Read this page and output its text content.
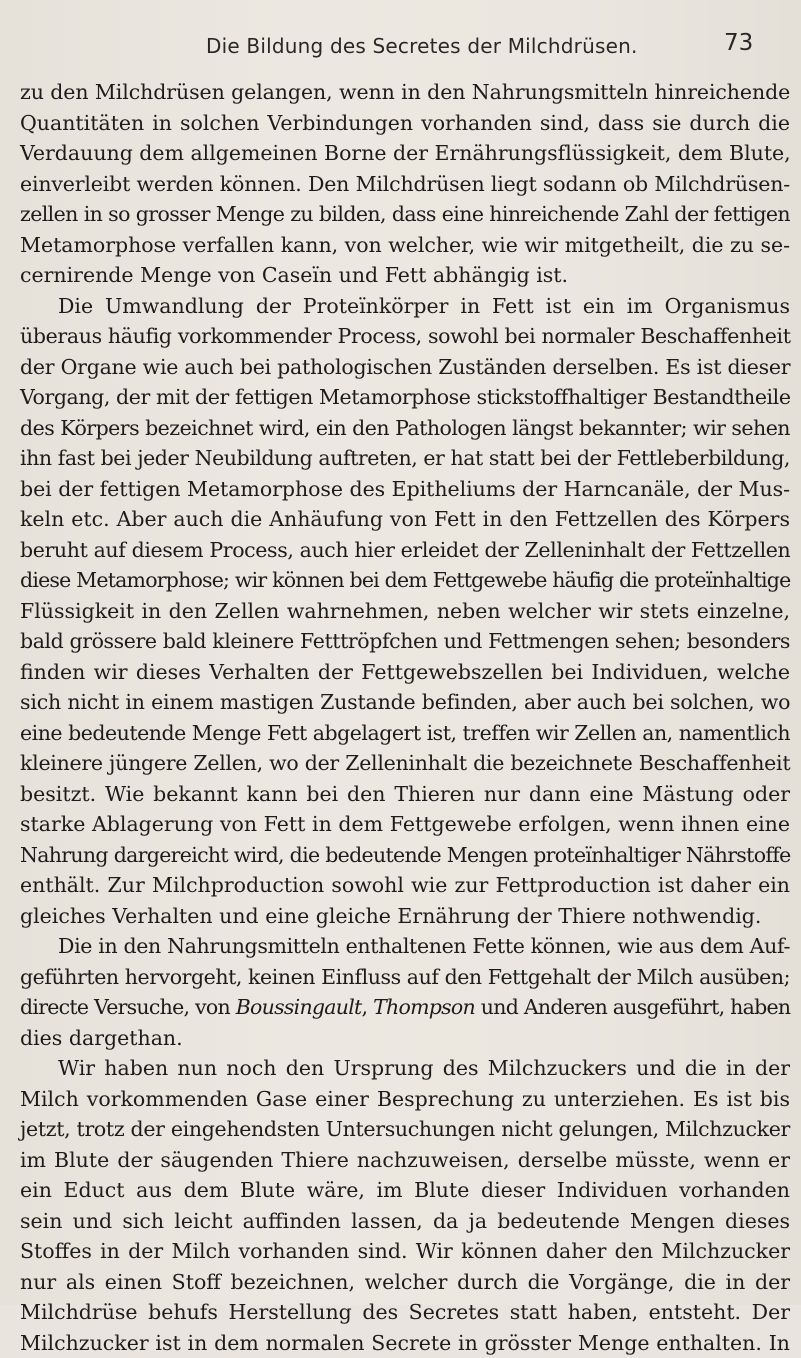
Die Bildung des Secretes der Milchdrüsen.	73
zu den Milchdrüsen gelangen, wenn in den Nahrungsmitteln hinreichende
Quantitäten in solchen Verbindungen vorhanden sind, dass sie durch die
Verdauung dem allgemeinen Borne der Ernährungsflüssigkeit, dem Blute,
einverleibt werden können. Den Milchdrüsen liegt sodann ob Milchdrüsen-
zellen in so grosser Menge zu bilden, dass eine hinreichende Zahl der fettigen
Metamorphose verfallen kann, von welcher, wie wir mitgetheilt, die zu se-
cernirende Menge von Caseïn und Fett abhängig ist.
Die Umwandlung der Proteïnkörper in Fett ist ein im Organismus
überaus häufig vorkommender Process, sowohl bei normaler Beschaffenheit
der Organe wie auch bei pathologischen Zuständen derselben. Es ist dieser
Vorgang, der mit der fettigen Metamorphose stickstoffhaltiger Bestandtheile
des Körpers bezeichnet wird, ein den Pathologen längst bekannter; wir sehen
ihn fast bei jeder Neubildung auftreten, er hat statt bei der Fettleberbildung,
bei der fettigen Metamorphose des Epitheliums der Harncanäle, der Mus-
keln etc. Aber auch die Anhäufung von Fett in den Fettzellen des Körpers
beruht auf diesem Process, auch hier erleidet der Zelleninhalt der Fettzellen
diese Metamorphose; wir können bei dem Fettgewebe häufig die proteïnhaltige
Flüssigkeit in den Zellen wahrnehmen, neben welcher wir stets einzelne,
bald grössere bald kleinere Fetttröpfchen und Fettmengen sehen; besonders
finden wir dieses Verhalten der Fettgewebszellen bei Individuen, welche
sich nicht in einem mastigen Zustande befinden, aber auch bei solchen, wo
eine bedeutende Menge Fett abgelagert ist, treffen wir Zellen an, namentlich
kleinere jüngere Zellen, wo der Zelleninhalt die bezeichnete Beschaffenheit
besitzt. Wie bekannt kann bei den Thieren nur dann eine Mästung oder
starke Ablagerung von Fett in dem Fettgewebe erfolgen, wenn ihnen eine
Nahrung dargereicht wird, die bedeutende Mengen proteïnhaltiger Nährstoffe
enthält. Zur Milchproduction sowohl wie zur Fettproduction ist daher ein
gleiches Verhalten und eine gleiche Ernährung der Thiere nothwendig.
Die in den Nahrungsmitteln enthaltenen Fette können, wie aus dem Auf-
geführten hervorgeht, keinen Einfluss auf den Fettgehalt der Milch ausüben;
directe Versuche, von Boussingault, Thompson und Anderen ausgeführt, haben
dies dargethan.
Wir haben nun noch den Ursprung des Milchzuckers und die in der
Milch vorkommenden Gase einer Besprechung zu unterziehen. Es ist bis
jetzt, trotz der eingehendsten Untersuchungen nicht gelungen, Milchzucker
im Blute der säugenden Thiere nachzuweisen, derselbe müsste, wenn er
ein Educt aus dem Blute wäre, im Blute dieser Individuen vorhanden
sein und sich leicht auffinden lassen, da ja bedeutende Mengen dieses
Stoffes in der Milch vorhanden sind. Wir können daher den Milchzucker
nur als einen Stoff bezeichnen, welcher durch die Vorgänge, die in der
Milchdrüse behufs Herstellung des Secretes statt haben, entsteht. Der
Milchzucker ist in dem normalen Secrete in grösster Menge enthalten. In
